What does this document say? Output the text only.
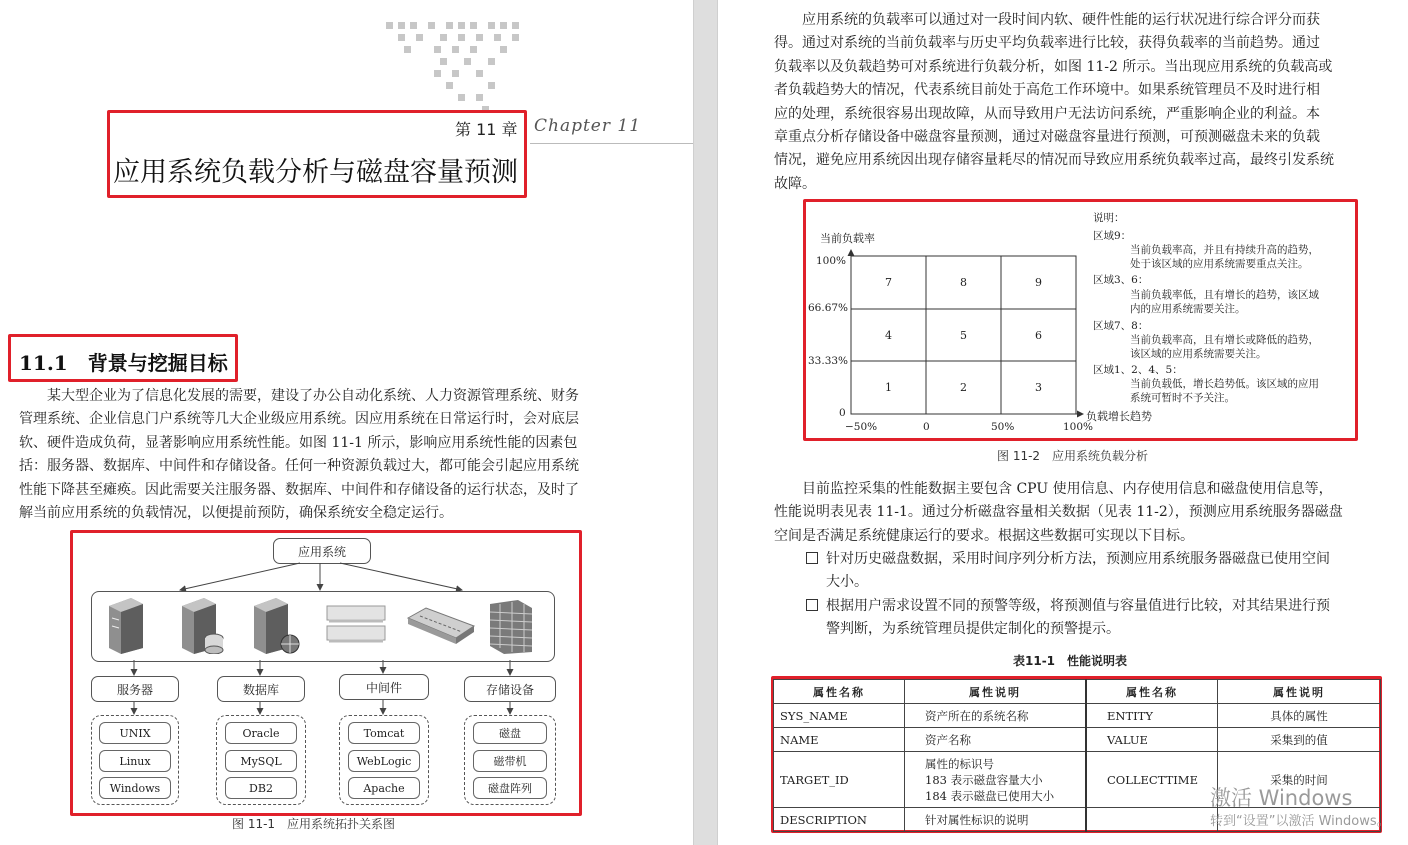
第 11 章 Chapter 11
应用系统负载分析与磁盘容量预测
11.1　背景与挖掘目标
某大型企业为了信息化发展的需要，建设了办公自动化系统、人力资源管理系统、财务
管理系统、企业信息门户系统等几大企业级应用系统。因应用系统在日常运行时，会对底层
软、硬件造成负荷，显著影响应用系统性能。如图 11-1 所示，影响应用系统性能的因素包
括：服务器、数据库、中间件和存储设备。任何一种资源负载过大，都可能会引起应用系统
性能下降甚至瘫痪。因此需要关注服务器、数据库、中间件和存储设备的运行状态，及时了
解当前应用系统的负载情况，以便提前预防，确保系统安全稳定运行。
应用系统
服务器	数据库	中间件	存储设备
UNIX
Linux
Windows
Oracle
MySQL
DB2
Tomcat
WebLogic
Apache
磁盘
磁带机
磁盘阵列
图 11-1　应用系统拓扑关系图
应用系统的负载率可以通过对一段时间内软、硬件性能的运行状况进行综合评分而获
得。通过对系统的当前负载率与历史平均负载率进行比较，获得负载率的当前趋势。通过
负载率以及负载趋势可对系统进行负载分析，如图 11-2 所示。当出现应用系统的负载高或
者负载趋势大的情况，代表系统目前处于高危工作环境中。如果系统管理员不及时进行相
应的处理，系统很容易出现故障，从而导致用户无法访问系统，严重影响企业的利益。本
章重点分析存储设备中磁盘容量预测，通过对磁盘容量进行预测，可预测磁盘未来的负载
情况，避免应用系统因出现存储容量耗尽的情况而导致应用系统负载率过高，最终引发系统
故障。
当前负载率
100%
66.67%
33.33%
0
−50%	0	50%	100%
负载增长趋势
7	8	9
4	5	6
1	2	3
说明：
区域9：
当前负载率高，并且有持续升高的趋势，
处于该区域的应用系统需要重点关注。
区域3、6：
当前负载率低，且有增长的趋势，该区域
内的应用系统需要关注。
区域7、8：
当前负载率高，且有增长或降低的趋势，
该区域的应用系统需要关注。
区域1、2、4、5：
当前负载低，增长趋势低。该区域的应用
系统可暂时不予关注。
图 11-2　应用系统负载分析
目前监控采集的性能数据主要包含 CPU 使用信息、内存使用信息和磁盘使用信息等，
性能说明表见表 11-1。通过分析磁盘容量相关数据（见表 11-2），预测应用系统服务器磁盘
空间是否满足系统健康运行的要求。根据这些数据可实现以下目标。
针对历史磁盘数据，采用时间序列分析方法，预测应用系统服务器磁盘已使用空间
大小。
根据用户需求设置不同的预警等级，将预测值与容量值进行比较，对其结果进行预
警判断，为系统管理员提供定制化的预警提示。
表11-1　性能说明表
属性名称	属性说明	属性名称	属性说明
SYS_NAME	资产所在的系统名称	ENTITY	具体的属性
NAME	资产名称	VALUE	采集到的值
TARGET_ID	属性的标识号
183 表示磁盘容量大小
184 表示磁盘已使用大小	COLLECTTIME	采集的时间
DESCRIPTION	针对属性标识的说明		
激活 Windows
转到“设置”以激活 Windows。
